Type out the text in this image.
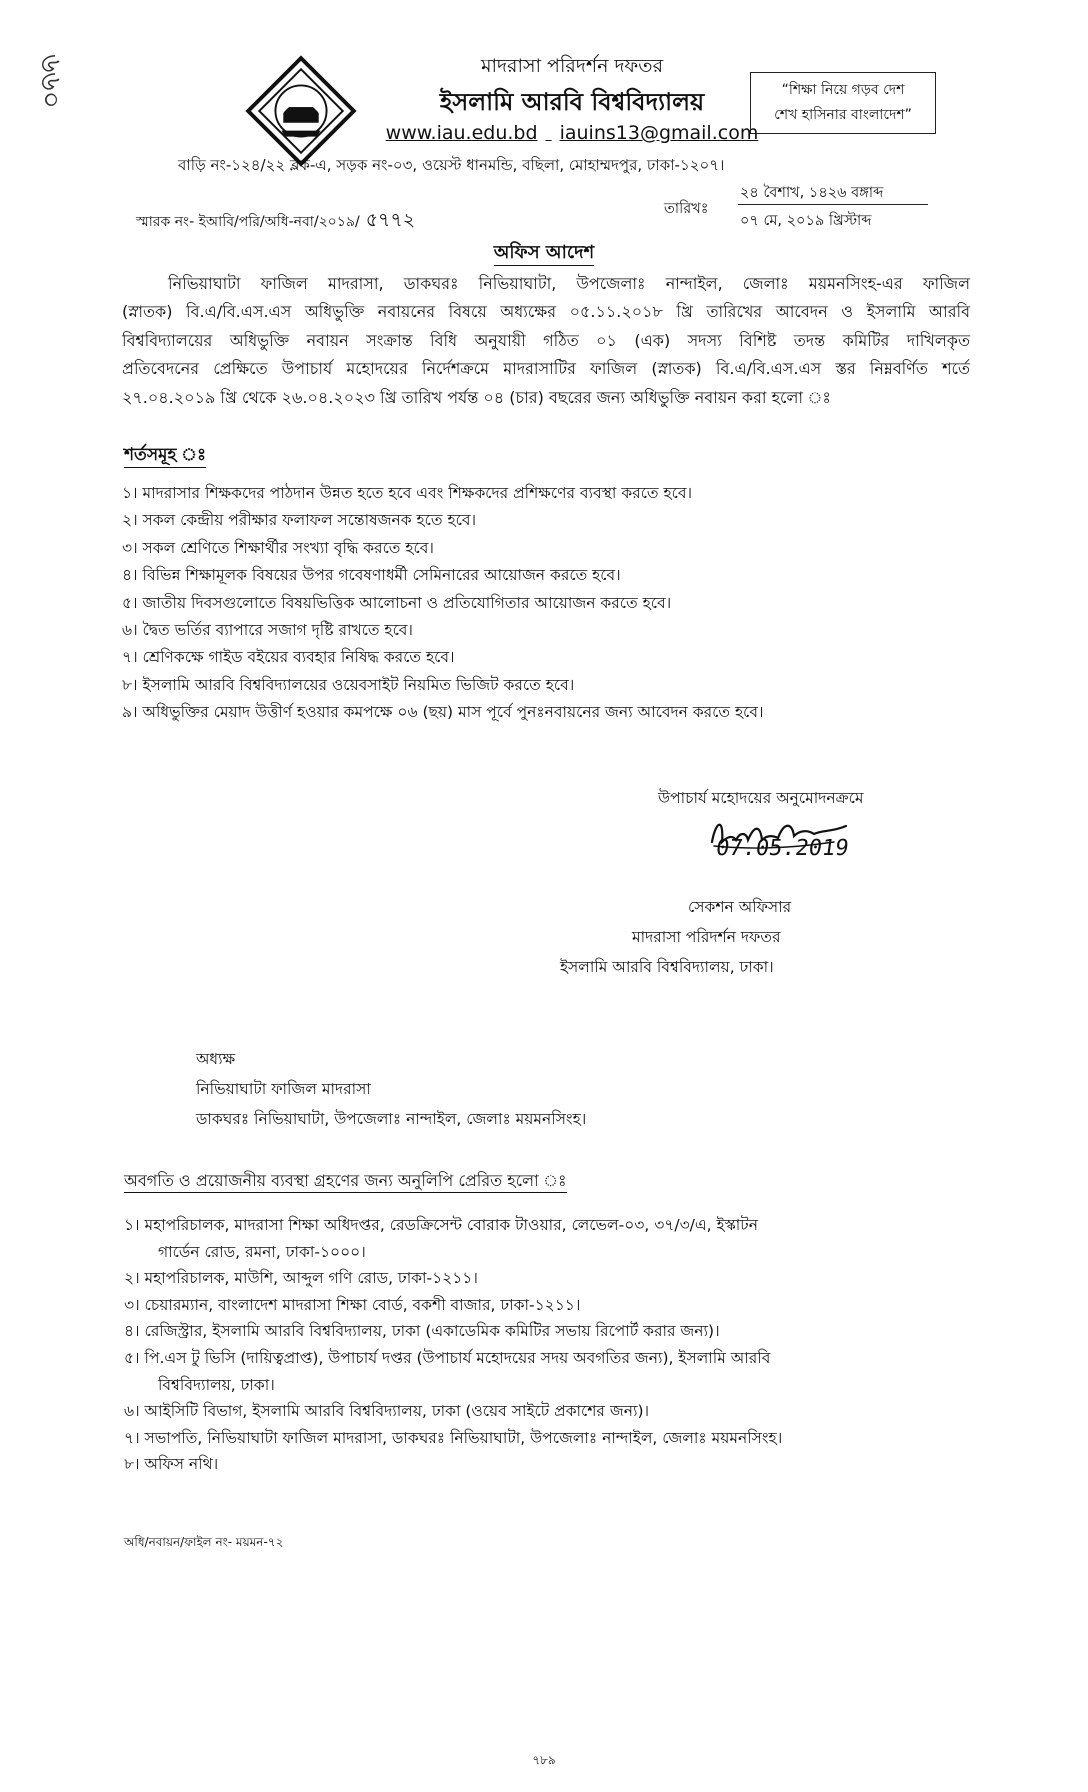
৬৬০	মাদরাসা পরিদর্শন দফতর
ইসলামি আরবি বিশ্ববিদ্যালয়
www.iau.edu.bd iauins13@gmail.com
বাড়ি নং-১২৪/২২ ব্লক-এ, সড়ক নং-০৩, ওয়েস্ট ধানমন্ডি, বছিলা, মোহাম্মদপুর, ঢাকা-১২০৭।
“শিক্ষা নিয়ে গড়ব দেশ
শেখ হাসিনার বাংলাদেশ”
স্মারক নং- ইআবি/পরি/অধি-নবা/২০১৯/ ৫৭৭২	তারিখঃ
২৪ বৈশাখ, ১৪২৬ বঙ্গাব্দ
০৭ মে, ২০১৯ খ্রিস্টাব্দ
অফিস আদেশ
নিভিয়াঘাটা ফাজিল মাদরাসা, ডাকঘরঃ নিভিয়াঘাটা, উপজেলাঃ নান্দাইল, জেলাঃ ময়মনসিংহ-এর ফাজিল
(স্নাতক) বি.এ/বি.এস.এস অধিভুক্তি নবায়নের বিষয়ে অধ্যক্ষের ০৫.১১.২০১৮ খ্রি তারিখের আবেদন ও ইসলামি আরবি
বিশ্ববিদ্যালয়ের অধিভুক্তি নবায়ন সংক্রান্ত বিধি অনুযায়ী গঠিত ০১ (এক) সদস্য বিশিষ্ট তদন্ত কমিটির দাখিলকৃত
প্রতিবেদনের প্রেক্ষিতে উপাচার্য মহোদয়ের নির্দেশক্রমে মাদরাসাটির ফাজিল (স্নাতক) বি.এ/বি.এস.এস স্তর নিম্নবর্ণিত শর্তে
২৭.০৪.২০১৯ খ্রি থেকে ২৬.০৪.২০২৩ খ্রি তারিখ পর্যন্ত ০৪ (চার) বছরের জন্য অধিভুক্তি নবায়ন করা হলো ঃ
শর্তসমূহ ঃ
১। মাদরাসার শিক্ষকদের পাঠদান উন্নত হতে হবে এবং শিক্ষকদের প্রশিক্ষণের ব্যবস্থা করতে হবে।
২। সকল কেন্দ্রীয় পরীক্ষার ফলাফল সন্তোষজনক হতে হবে।
৩। সকল শ্রেণিতে শিক্ষার্থীর সংখ্যা বৃদ্ধি করতে হবে।
৪। বিভিন্ন শিক্ষামূলক বিষয়ের উপর গবেষণাধর্মী সেমিনারের আয়োজন করতে হবে।
৫। জাতীয় দিবসগুলোতে বিষয়ভিত্তিক আলোচনা ও প্রতিযোগিতার আয়োজন করতে হবে।
৬। দ্বৈত ভর্তির ব্যাপারে সজাগ দৃষ্টি রাখতে হবে।
৭। শ্রেণিকক্ষে গাইড বইয়ের ব্যবহার নিষিদ্ধ করতে হবে।
৮। ইসলামি আরবি বিশ্ববিদ্যালয়ের ওয়েবসাইট নিয়মিত ভিজিট করতে হবে।
৯। অধিভুক্তির মেয়াদ উত্তীর্ণ হওয়ার কমপক্ষে ০৬ (ছয়) মাস পূর্বে পুনঃনবায়নের জন্য আবেদন করতে হবে।
উপাচার্য মহোদয়ের অনুমোদনক্রমে
07.05.2019
সেকশন অফিসার
মাদরাসা পরিদর্শন দফতর
ইসলামি আরবি বিশ্ববিদ্যালয়, ঢাকা।
অধ্যক্ষ
নিভিয়াঘাটা ফাজিল মাদরাসা
ডাকঘরঃ নিভিয়াঘাটা, উপজেলাঃ নান্দাইল, জেলাঃ ময়মনসিংহ।
অবগতি ও প্রয়োজনীয় ব্যবস্থা গ্রহণের জন্য অনুলিপি প্রেরিত হলো ঃ
১। মহাপরিচালক, মাদরাসা শিক্ষা অধিদপ্তর, রেডক্রিসেন্ট বোরাক টাওয়ার, লেভেল-০৩, ৩৭/৩/এ, ইস্কাটন
গার্ডেন রোড, রমনা, ঢাকা-১০০০।
২। মহাপরিচালক, মাউশি, আব্দুল গণি রোড, ঢাকা-১২১১।
৩। চেয়ারম্যান, বাংলাদেশ মাদরাসা শিক্ষা বোর্ড, বকশী বাজার, ঢাকা-১২১১।
৪। রেজিস্ট্রার, ইসলামি আরবি বিশ্ববিদ্যালয়, ঢাকা (একাডেমিক কমিটির সভায় রিপোর্ট করার জন্য)।
৫। পি.এস টু ভিসি (দায়িত্বপ্রাপ্ত), উপাচার্য দপ্তর (উপাচার্য মহোদয়ের সদয় অবগতির জন্য), ইসলামি আরবি
বিশ্ববিদ্যালয়, ঢাকা।
৬। আইসিটি বিভাগ, ইসলামি আরবি বিশ্ববিদ্যালয়, ঢাকা (ওয়েব সাইটে প্রকাশের জন্য)।
৭। সভাপতি, নিভিয়াঘাটা ফাজিল মাদরাসা, ডাকঘরঃ নিভিয়াঘাটা, উপজেলাঃ নান্দাইল, জেলাঃ ময়মনসিংহ।
৮। অফিস নথি।
অধি/নবায়ন/ফাইল নং- ময়মন-৭২
৭৮৯
